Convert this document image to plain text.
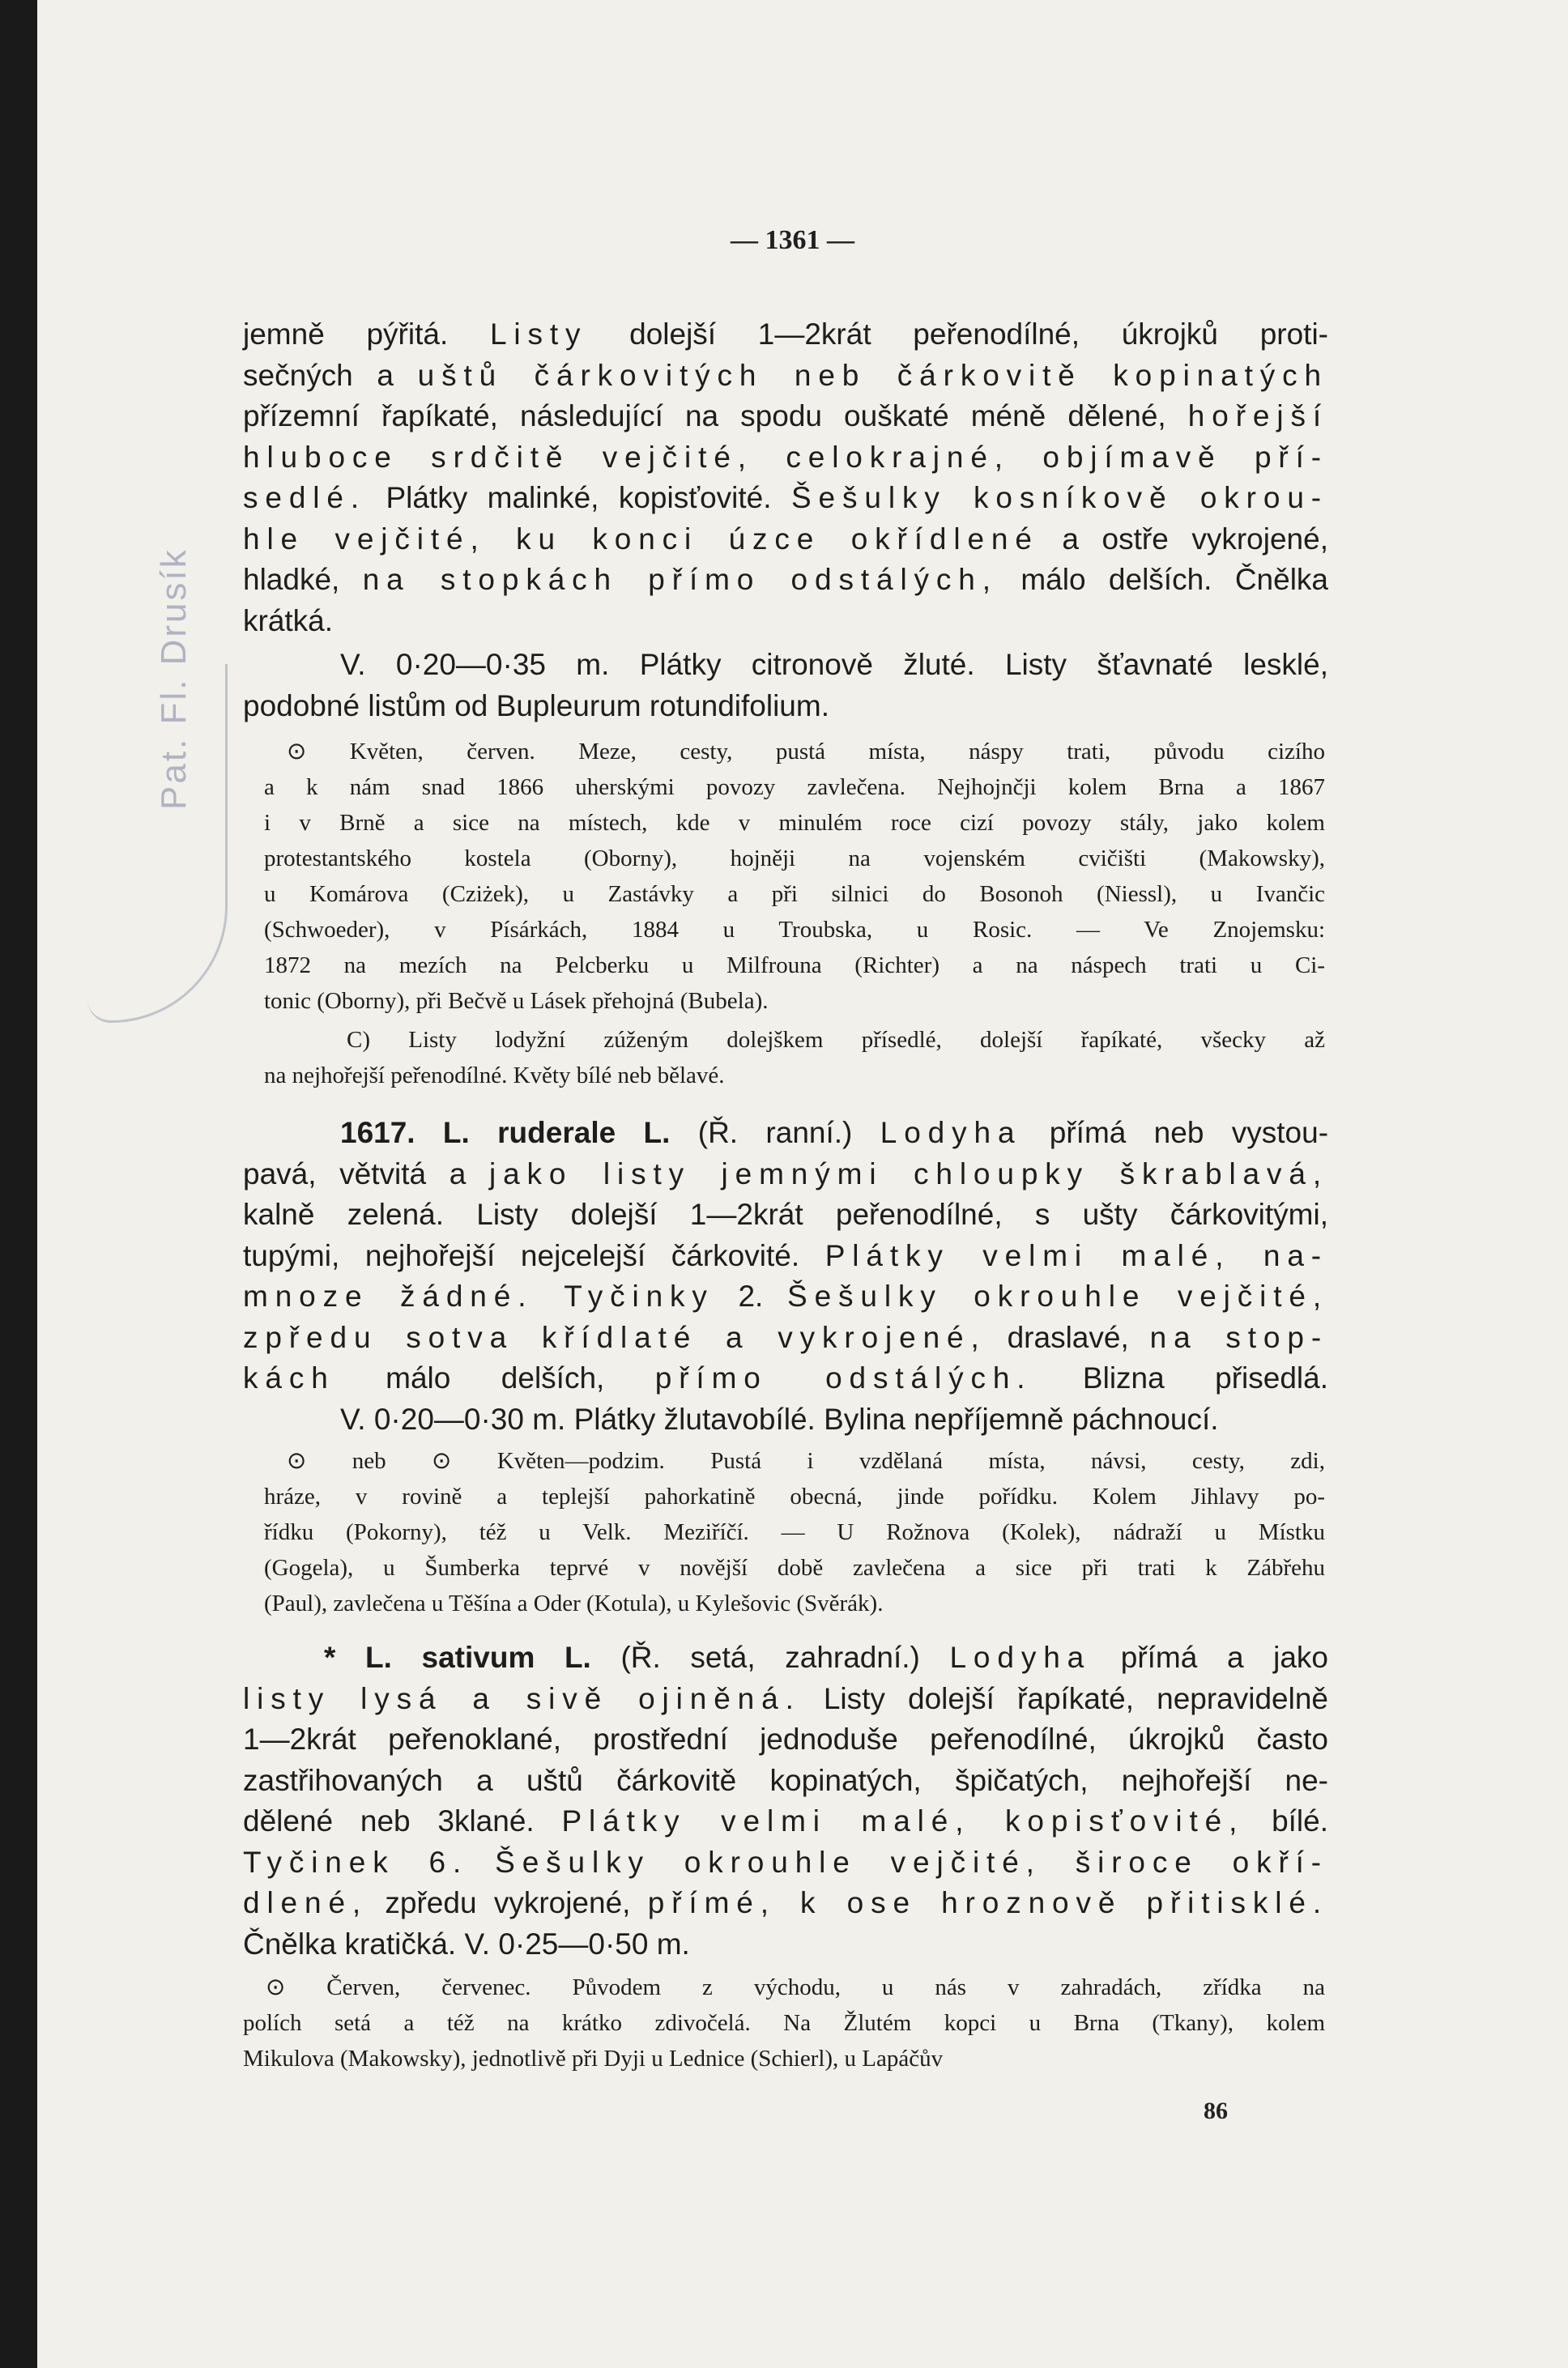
Pat. Fl. Drusík
— 1361 —

jemně pýřitá. Listy dolejší 1—2krát peřenodílné, úkrojků proti-

sečných a uštů čárkovitých neb čárkovitě kopinatých

přízemní řapíkaté, následující na spodu ouškaté méně dělené, hořejší

hluboce srdčitě vejčité, celokrajné, objímavě pří-

sedlé. Plátky malinké, kopisťovité. Šešulky kosníkově okrou-

hle vejčité, ku konci úzce okřídlené a ostře vykrojené,

hladké, na stopkách přímo odstálých, málo delších. Čnělka

krátká.

V. 0·20—0·35 m. Plátky citronově žluté. Listy šťavnaté lesklé,

podobné listům od Bupleurum rotundifolium.

⊙ Květen, červen. Meze, cesty, pustá místa, náspy trati, původu cizího

a k nám snad 1866 uherskými povozy zavlečena. Nejhojnčji kolem Brna a 1867

i v Brně a sice na místech, kde v minulém roce cizí povozy stály, jako kolem

protestantského kostela (Oborny), hojněji na vojenském cvičišti (Makowsky),

u Komárova (Cziżek), u Zastávky a při silnici do Bosonoh (Niessl), u Ivančic

(Schwoeder), v Písárkách, 1884 u Troubska, u Rosic. — Ve Znojemsku:

1872 na mezích na Pelcberku u Milfrouna (Richter) a na náspech trati u Ci-

tonic (Oborny), při Bečvě u Lásek přehojná (Bubela).

C) Listy lodyžní zúženým dolejškem přísedlé, dolejší řapíkaté, všecky až

na nejhořejší peřenodílné. Květy bílé neb bělavé.

1617. L. ruderale L. (Ř. ranní.) Lodyha přímá neb vystou-

pavá, větvitá a jako listy jemnými chloupky škrablavá,

kalně zelená. Listy dolejší 1—2krát peřenodílné, s ušty čárkovitými,

tupými, nejhořejší nejcelejší čárkovité. Plátky velmi malé, na-

mnoze žádné. Tyčinky 2. Šešulky okrouhle vejčité,

zpředu sotva křídlaté a vykrojené, draslavé, na stop-

kách málo delších, přímo odstálých. Blizna přisedlá.

V. 0·20—0·30 m. Plátky žlutavobílé. Bylina nepříjemně páchnoucí.

⊙ neb ⊙ Květen—podzim. Pustá i vzdělaná místa, návsi, cesty, zdi,

hráze, v rovině a teplejší pahorkatině obecná, jinde pořídku. Kolem Jihlavy po-

řídku (Pokorny), též u Velk. Meziříčí. — U Rožnova (Kolek), nádraží u Místku

(Gogela), u Šumberka teprvé v novější době zavlečena a sice při trati k Zábřehu

(Paul), zavlečena u Těšína a Oder (Kotula), u Kylešovic (Svěrák).

* L. sativum L. (Ř. setá, zahradní.) Lodyha přímá a jako

listy lysá a sivě ojiněná. Listy dolejší řapíkaté, nepravidelně

1—2krát peřenoklané, prostřední jednoduše peřenodílné, úkrojků často

zastřihovaných a uštů čárkovitě kopinatých, špičatých, nejhořejší ne-

dělené neb 3klané. Plátky velmi malé, kopisťovité, bílé.

Tyčinek 6. Šešulky okrouhle vejčité, široce okří-

dlené, zpředu vykrojené, přímé, k ose hroznově přitisklé.

Čnělka kratičká. V. 0·25—0·50 m.

⊙ Červen, červenec. Původem z východu, u nás v zahradách, zřídka na

polích setá a též na krátko zdivočelá. Na Žlutém kopci u Brna (Tkany), kolem

Mikulova (Makowsky), jednotlivě při Dyji u Lednice (Schierl), u Lapáčův

86
